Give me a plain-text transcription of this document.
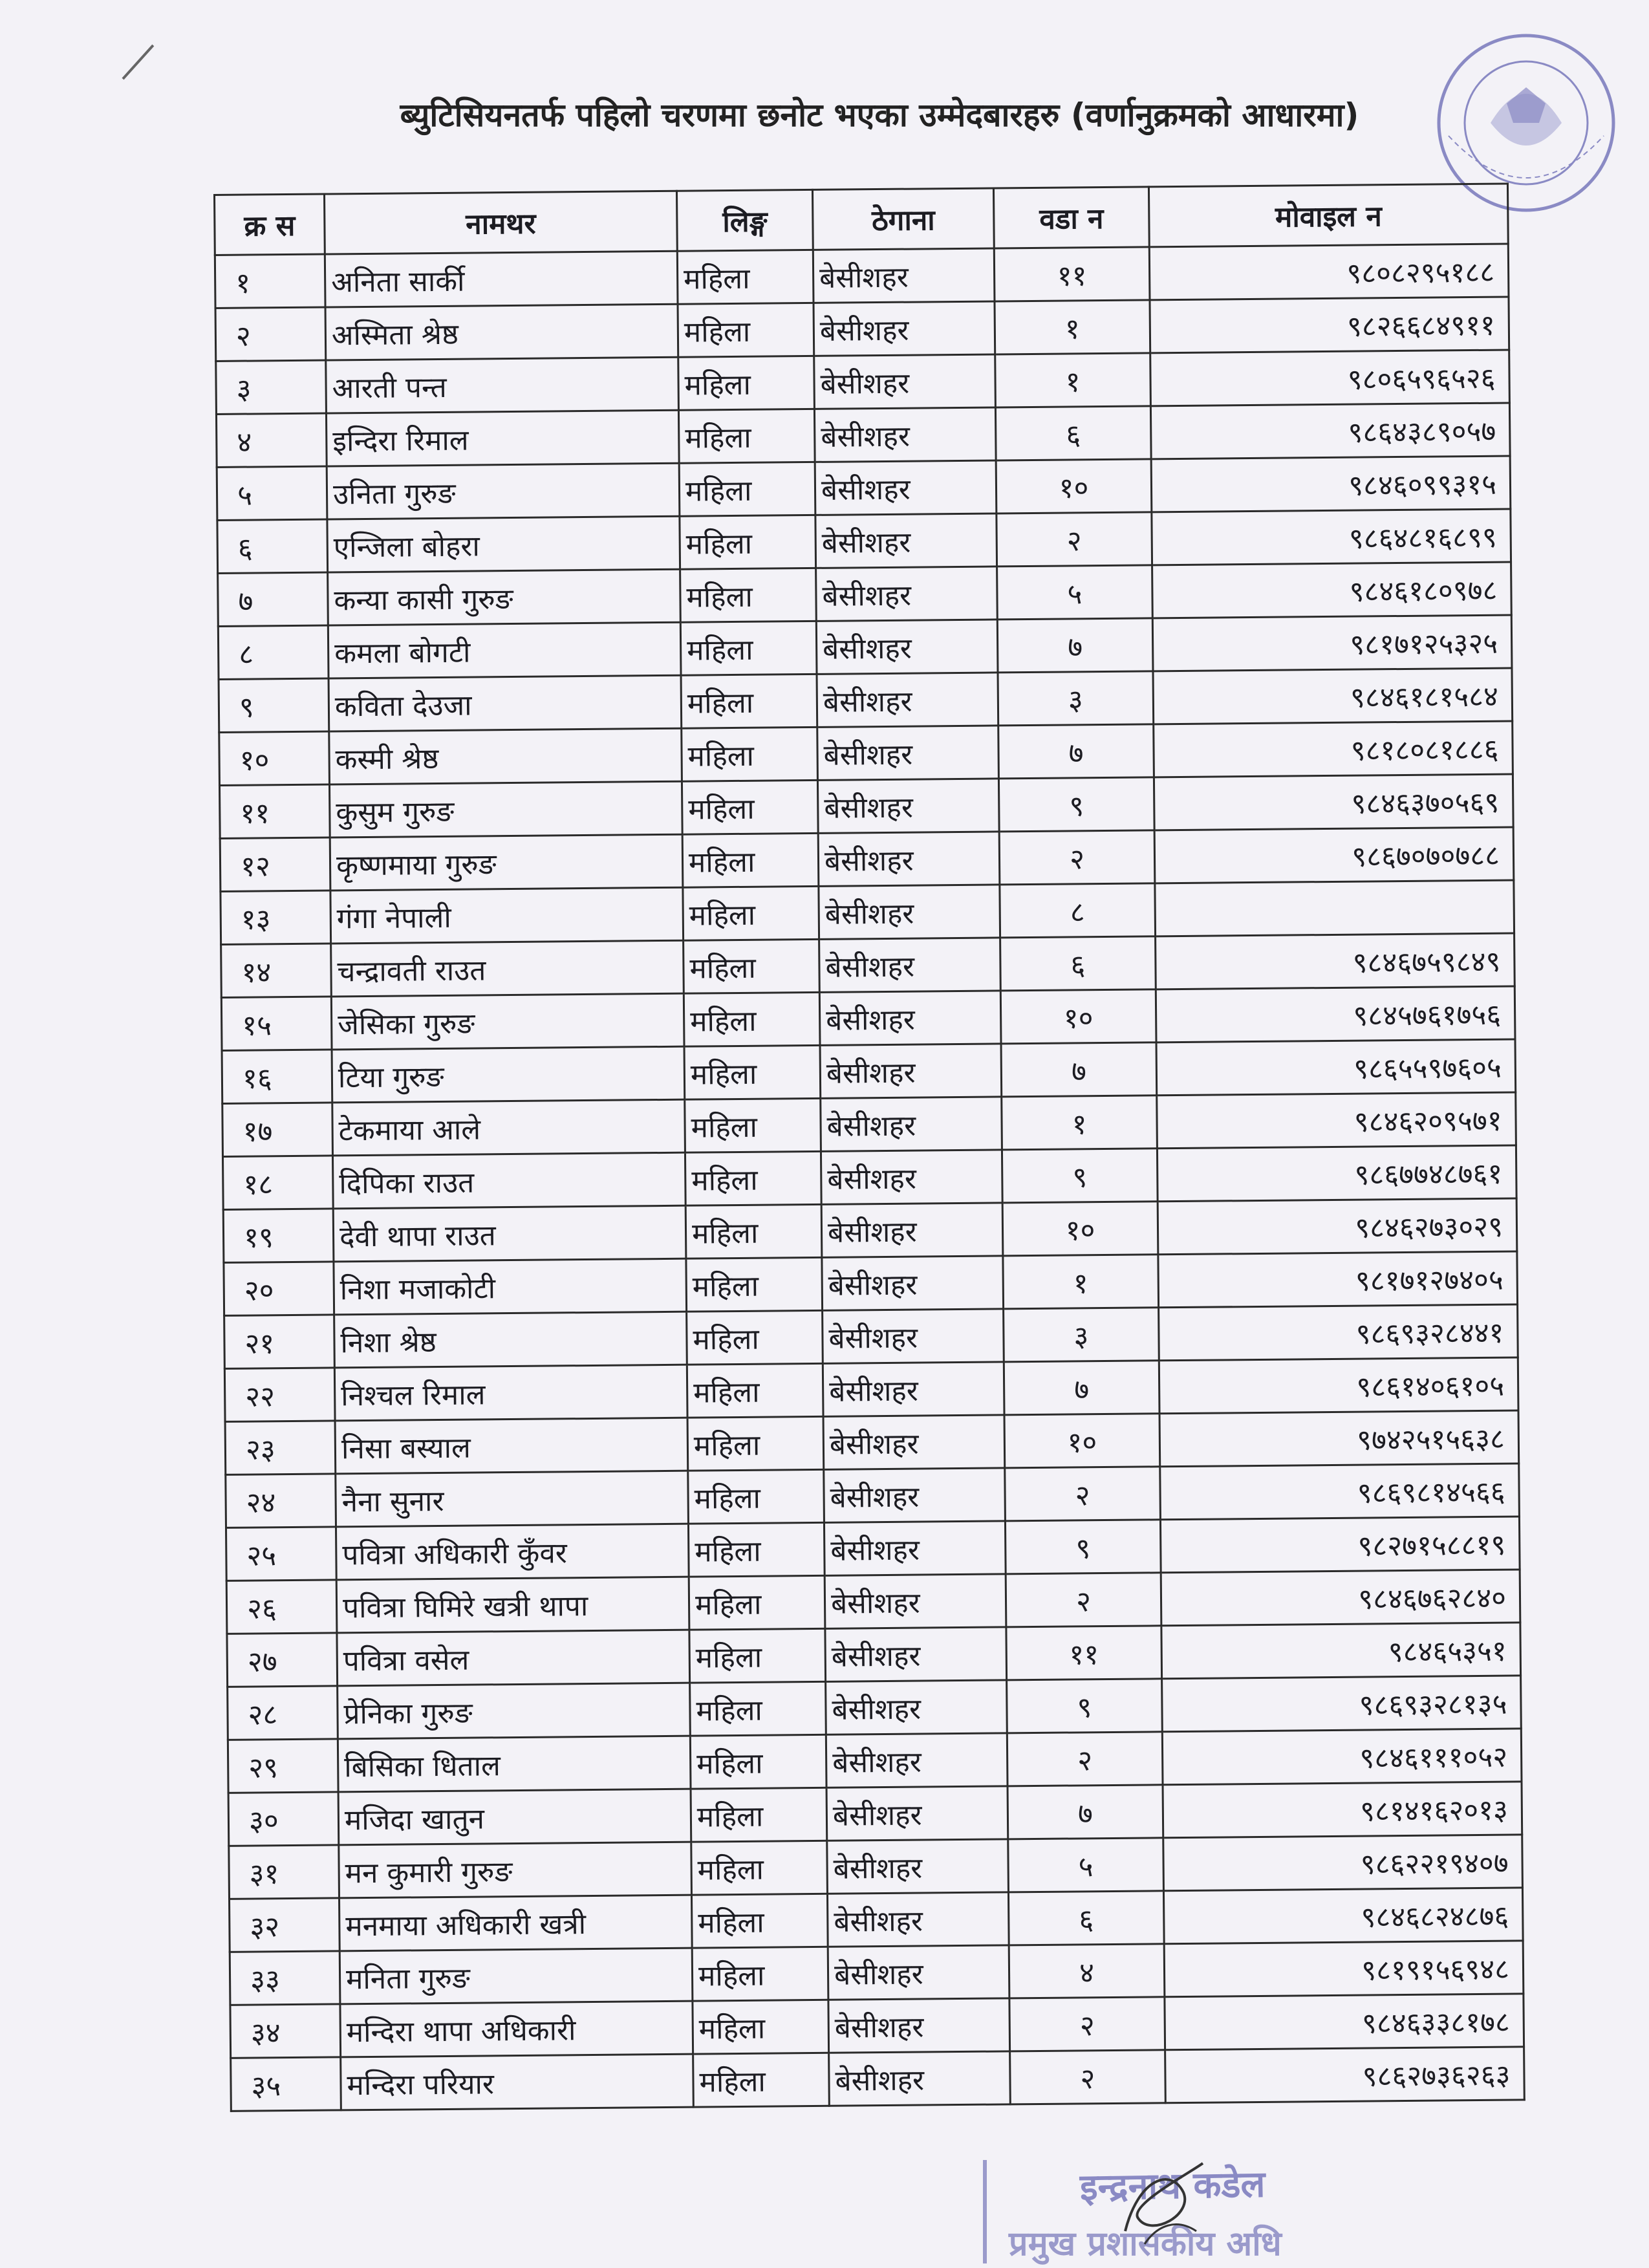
ब्युटिसियनतर्फ पहिलो चरणमा छनोट भएका उम्मेदबारहरु (वर्णानुक्रमको आधारमा)
क्र स	नामथर	लिङ्ग	ठेगाना	वडा न	मोवाइल न
१	अनिता सार्की	महिला	बेसीशहर	११	९८०८२९५१८८
२	अस्मिता श्रेष्ठ	महिला	बेसीशहर	१	९८२६६८४९११
३	आरती पन्त	महिला	बेसीशहर	१	९८०६५९६५२६
४	इन्दिरा रिमाल	महिला	बेसीशहर	६	९८६४३८९०५७
५	उनिता गुरुङ	महिला	बेसीशहर	१०	९८४६०९९३१५
६	एन्जिला बोहरा	महिला	बेसीशहर	२	९८६४८१६८९९
७	कन्या कासी गुरुङ	महिला	बेसीशहर	५	९८४६१८०९७८
८	कमला बोगटी	महिला	बेसीशहर	७	९८१७१२५३२५
९	कविता देउजा	महिला	बेसीशहर	३	९८४६१८१५८४
१०	कस्मी श्रेष्ठ	महिला	बेसीशहर	७	९८१८०८१८८६
११	कुसुम गुरुङ	महिला	बेसीशहर	९	९८४६३७०५६९
१२	कृष्णमाया गुरुङ	महिला	बेसीशहर	२	९८६७०७०७८८
१३	गंगा नेपाली	महिला	बेसीशहर	८	
१४	चन्द्रावती राउत	महिला	बेसीशहर	६	९८४६७५९८४९
१५	जेसिका गुरुङ	महिला	बेसीशहर	१०	९८४५७६१७५६
१६	टिया गुरुङ	महिला	बेसीशहर	७	९८६५५९७६०५
१७	टेकमाया आले	महिला	बेसीशहर	१	९८४६२०९५७१
१८	दिपिका राउत	महिला	बेसीशहर	९	९८६७७४८७६१
१९	देवी थापा राउत	महिला	बेसीशहर	१०	९८४६२७३०२९
२०	निशा मजाकोटी	महिला	बेसीशहर	१	९८१७१२७४०५
२१	निशा श्रेष्ठ	महिला	बेसीशहर	३	९८६९३२८४४१
२२	निश्चल रिमाल	महिला	बेसीशहर	७	९८६१४०६१०५
२३	निसा बस्याल	महिला	बेसीशहर	१०	९७४२५१५६३८
२४	नैना सुनार	महिला	बेसीशहर	२	९८६९८१४५६६
२५	पवित्रा अधिकारी कुँवर	महिला	बेसीशहर	९	९८२७१५८८१९
२६	पवित्रा घिमिरे खत्री थापा	महिला	बेसीशहर	२	९८४६७६२८४०
२७	पवित्रा वसेल	महिला	बेसीशहर	११	९८४६५३५१
२८	प्रेनिका गुरुङ	महिला	बेसीशहर	९	९८६९३२८१३५
२९	बिसिका धिताल	महिला	बेसीशहर	२	९८४६१११०५२
३०	मजिदा खातुन	महिला	बेसीशहर	७	९८१४१६२०१३
३१	मन कुमारी गुरुङ	महिला	बेसीशहर	५	९८६२२१९४०७
३२	मनमाया अधिकारी खत्री	महिला	बेसीशहर	६	९८४६८२४८७६
३३	मनिता गुरुङ	महिला	बेसीशहर	४	९८१९१५६९४८
३४	मन्दिरा थापा अधिकारी	महिला	बेसीशहर	२	९८४६३३८१७८
३५	मन्दिरा परियार	महिला	बेसीशहर	२	९८६२७३६२६३
इन्द्रनाथ कडेल
प्रमुख प्रशासकीय अधि
